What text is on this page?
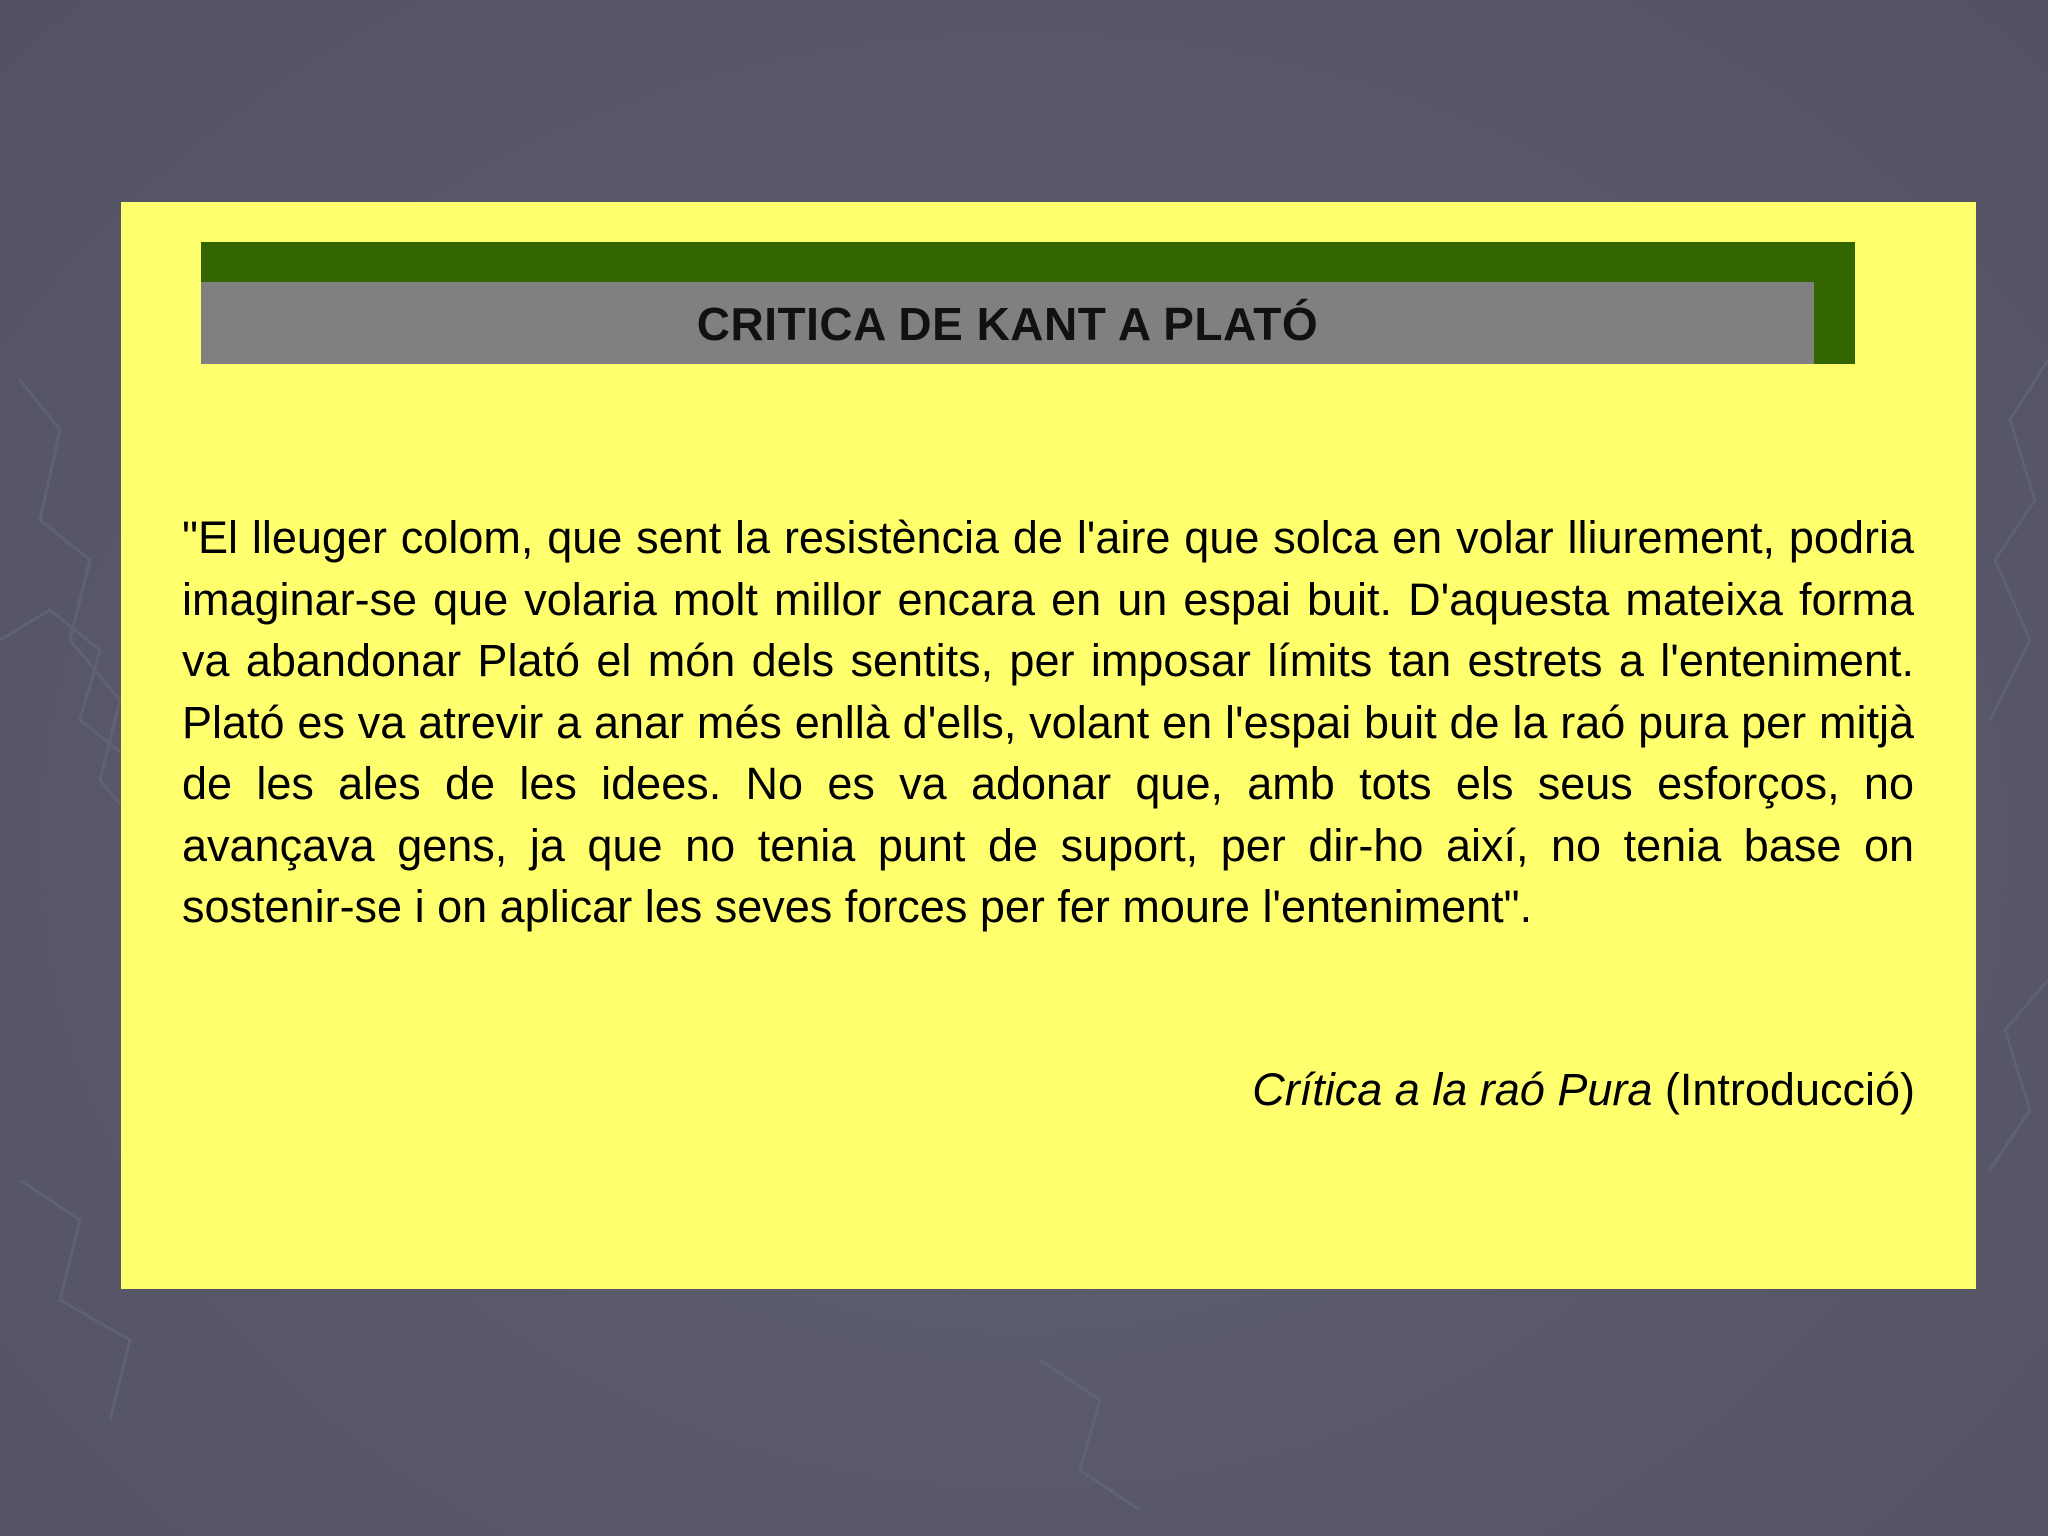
CRITICA DE KANT A PLATÓ

"El lleuger colom, que sent la resistència de l'aire que solca en volar lliurement, podria imaginar-se que volaria molt millor encara en un espai buit. D'aquesta mateixa forma va abandonar Plató el món dels sentits, per imposar límits tan estrets a l'enteniment. Plató es va atrevir a anar més enllà d'ells, volant en l'espai buit de la raó pura per mitjà de les ales de les idees. No es va adonar que, amb tots els seus esforços, no avançava gens, ja que no tenia punt de suport, per dir-ho així, no tenia base on sostenir-se i on aplicar les seves forces per fer moure l'enteniment".

Crítica a la raó Pura (Introducció)
